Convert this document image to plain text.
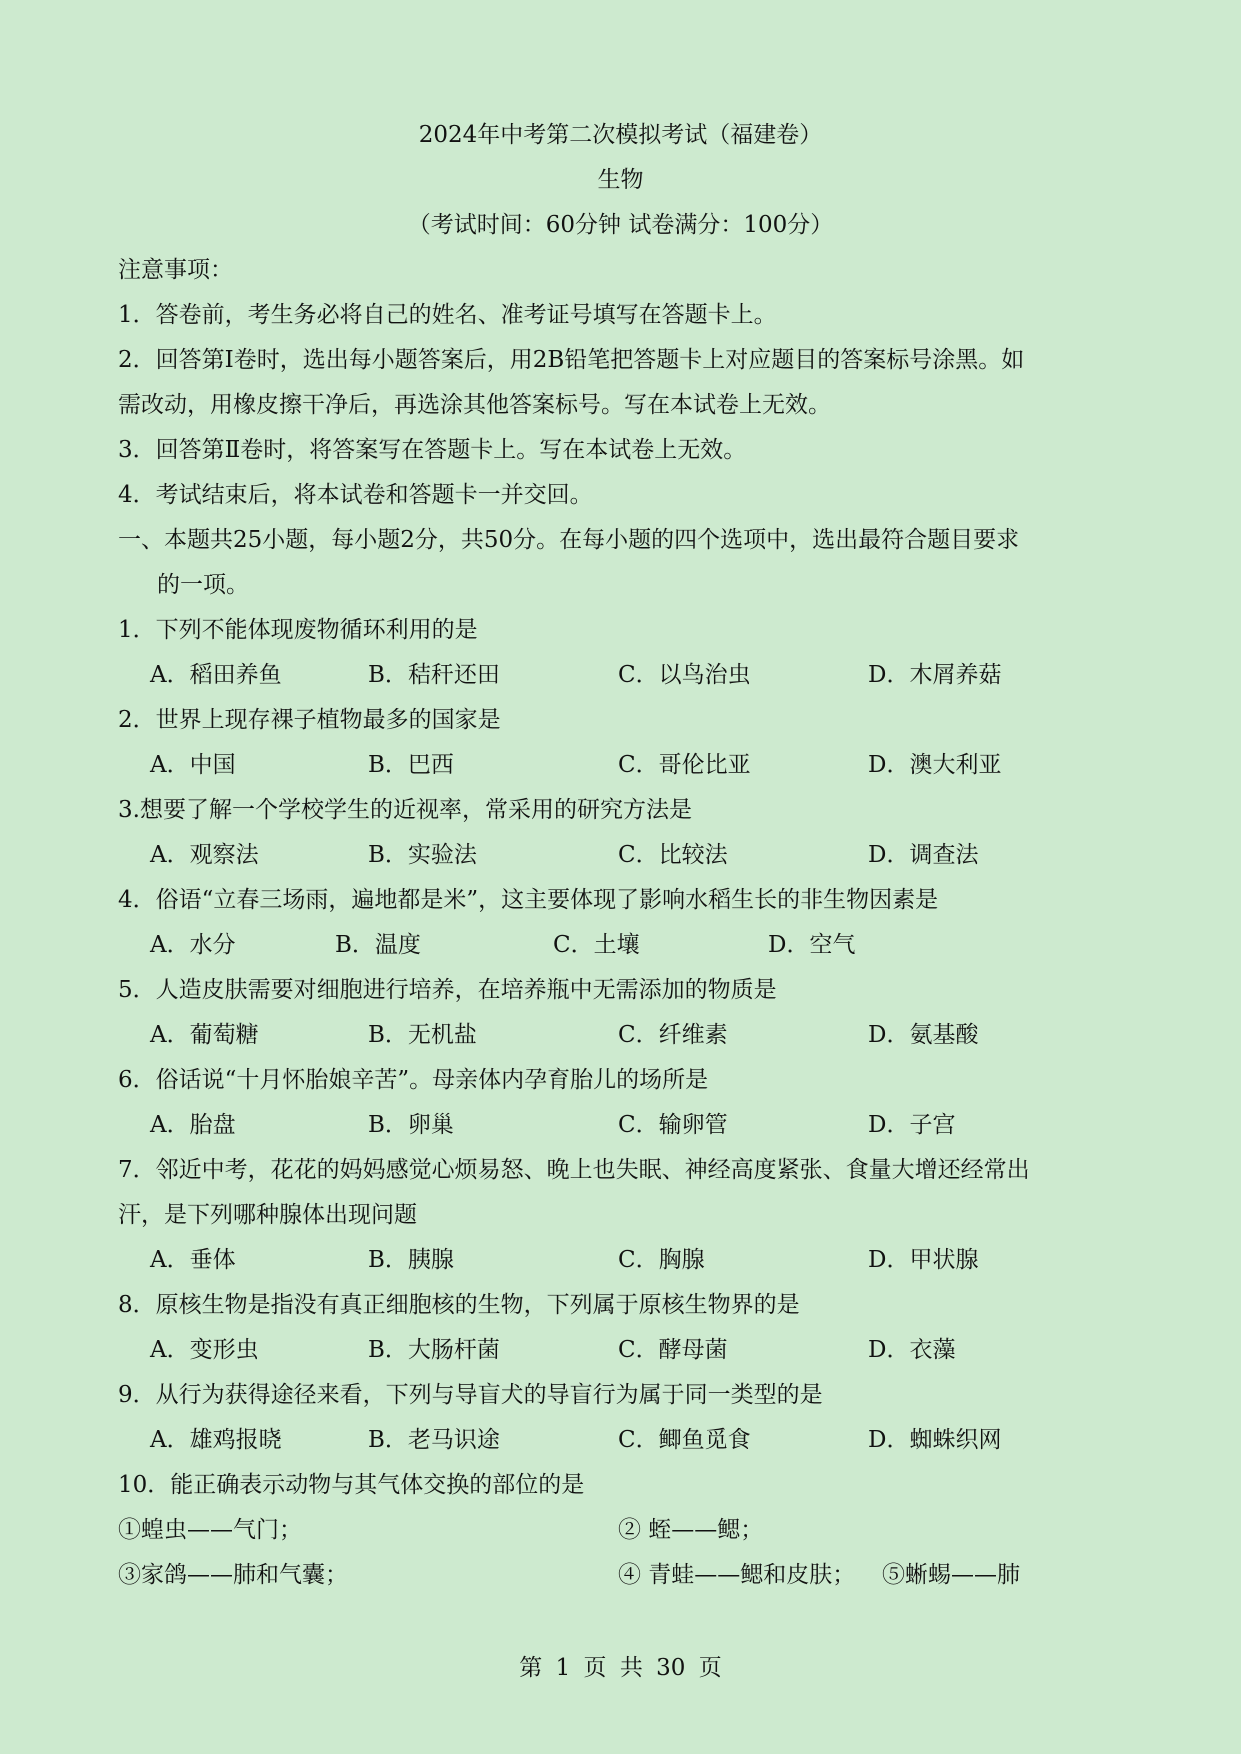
2024年中考第二次模拟考试（福建卷）
生物
（考试时间：60分钟 试卷满分：100分）
注意事项：
1．答卷前，考生务必将自己的姓名、准考证号填写在答题卡上。
2．回答第Ⅰ卷时，选出每小题答案后，用2B铅笔把答题卡上对应题目的答案标号涂黑。如
需改动，用橡皮擦干净后，再选涂其他答案标号。写在本试卷上无效。
3．回答第Ⅱ卷时，将答案写在答题卡上。写在本试卷上无效。
4．考试结束后，将本试卷和答题卡一并交回。
一、本题共25小题，每小题2分，共50分。在每小题的四个选项中，选出最符合题目要求
的一项。
1．下列不能体现废物循环利用的是
A．稻田养鱼	B．秸秆还田	C．以鸟治虫	D．木屑养菇
2．世界上现存裸子植物最多的国家是
A．中国	B．巴西	C．哥伦比亚	D．澳大利亚
3.想要了解一个学校学生的近视率，常采用的研究方法是
A．观察法	B．实验法	C．比较法	D．调查法
4．俗语“立春三场雨，遍地都是米”，这主要体现了影响水稻生长的非生物因素是
A．水分	B．温度	C．土壤	D．空气
5．人造皮肤需要对细胞进行培养，在培养瓶中无需添加的物质是
A．葡萄糖	B．无机盐	C．纤维素	D．氨基酸
6．俗话说“十月怀胎娘辛苦”。母亲体内孕育胎儿的场所是
A．胎盘	B．卵巢	C．输卵管	D．子宫
7．邻近中考，花花的妈妈感觉心烦易怒、晚上也失眠、神经高度紧张、食量大增还经常出
汗，是下列哪种腺体出现问题
A．垂体	B．胰腺	C．胸腺	D．甲状腺
8．原核生物是指没有真正细胞核的生物，下列属于原核生物界的是
A．变形虫	B．大肠杆菌	C．酵母菌	D．衣藻
9．从行为获得途径来看，下列与导盲犬的导盲行为属于同一类型的是
A．雄鸡报晓	B．老马识途	C．鲫鱼觅食	D．蜘蛛织网
10．能正确表示动物与其气体交换的部位的是
①蝗虫——气门；	② 蛭——鳃；
③家鸽——肺和气囊；	④ 青蛙——鳃和皮肤； ⑤蜥蜴——肺
第 1 页 共 30 页
